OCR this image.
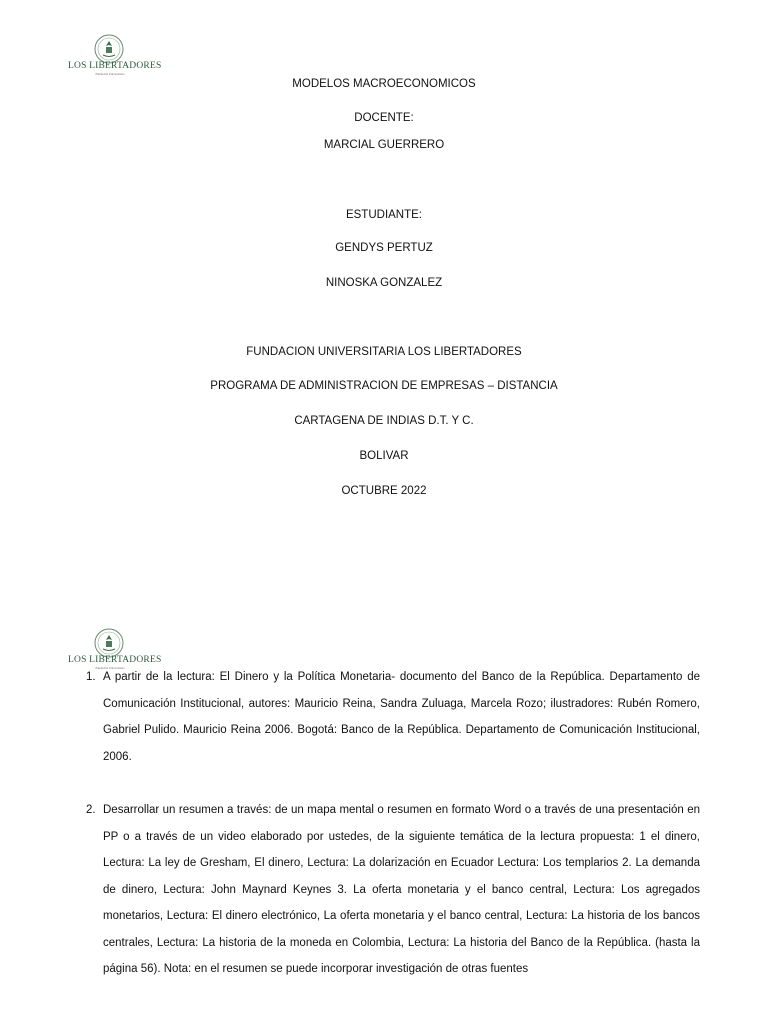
LOS LIBERTADORES
Fundación Universitaria
MODELOS MACROECONOMICOS
DOCENTE:
MARCIAL GUERRERO
ESTUDIANTE:
GENDYS PERTUZ
NINOSKA GONZALEZ
FUNDACION UNIVERSITARIA LOS LIBERTADORES
PROGRAMA DE ADMINISTRACION DE EMPRESAS – DISTANCIA
CARTAGENA DE INDIAS D.T. Y C.
BOLIVAR
OCTUBRE 2022
LOS LIBERTADORES
Fundación Universitaria
1. A partir de la lectura: El Dinero y la Política Monetaria- documento del Banco de la República. Departamento de Comunicación Institucional, autores: Mauricio Reina, Sandra Zuluaga, Marcela Rozo; ilustradores: Rubén Romero, Gabriel Pulido. Mauricio Reina 2006. Bogotá: Banco de la República. Departamento de Comunicación Institucional, 2006.
2. Desarrollar un resumen a través: de un mapa mental o resumen en formato Word o a través de una presentación en PP o a través de un video elaborado por ustedes, de la siguiente temática de la lectura propuesta: 1 el dinero, Lectura: La ley de Gresham, El dinero, Lectura: La dolarización en Ecuador Lectura: Los templarios 2. La demanda de dinero, Lectura: John Maynard Keynes 3. La oferta monetaria y el banco central, Lectura: Los agregados monetarios, Lectura: El dinero electrónico, La oferta monetaria y el banco central, Lectura: La historia de los bancos centrales, Lectura: La historia de la moneda en Colombia, Lectura: La historia del Banco de la República. (hasta la página 56). Nota: en el resumen se puede incorporar investigación de otras fuentes
